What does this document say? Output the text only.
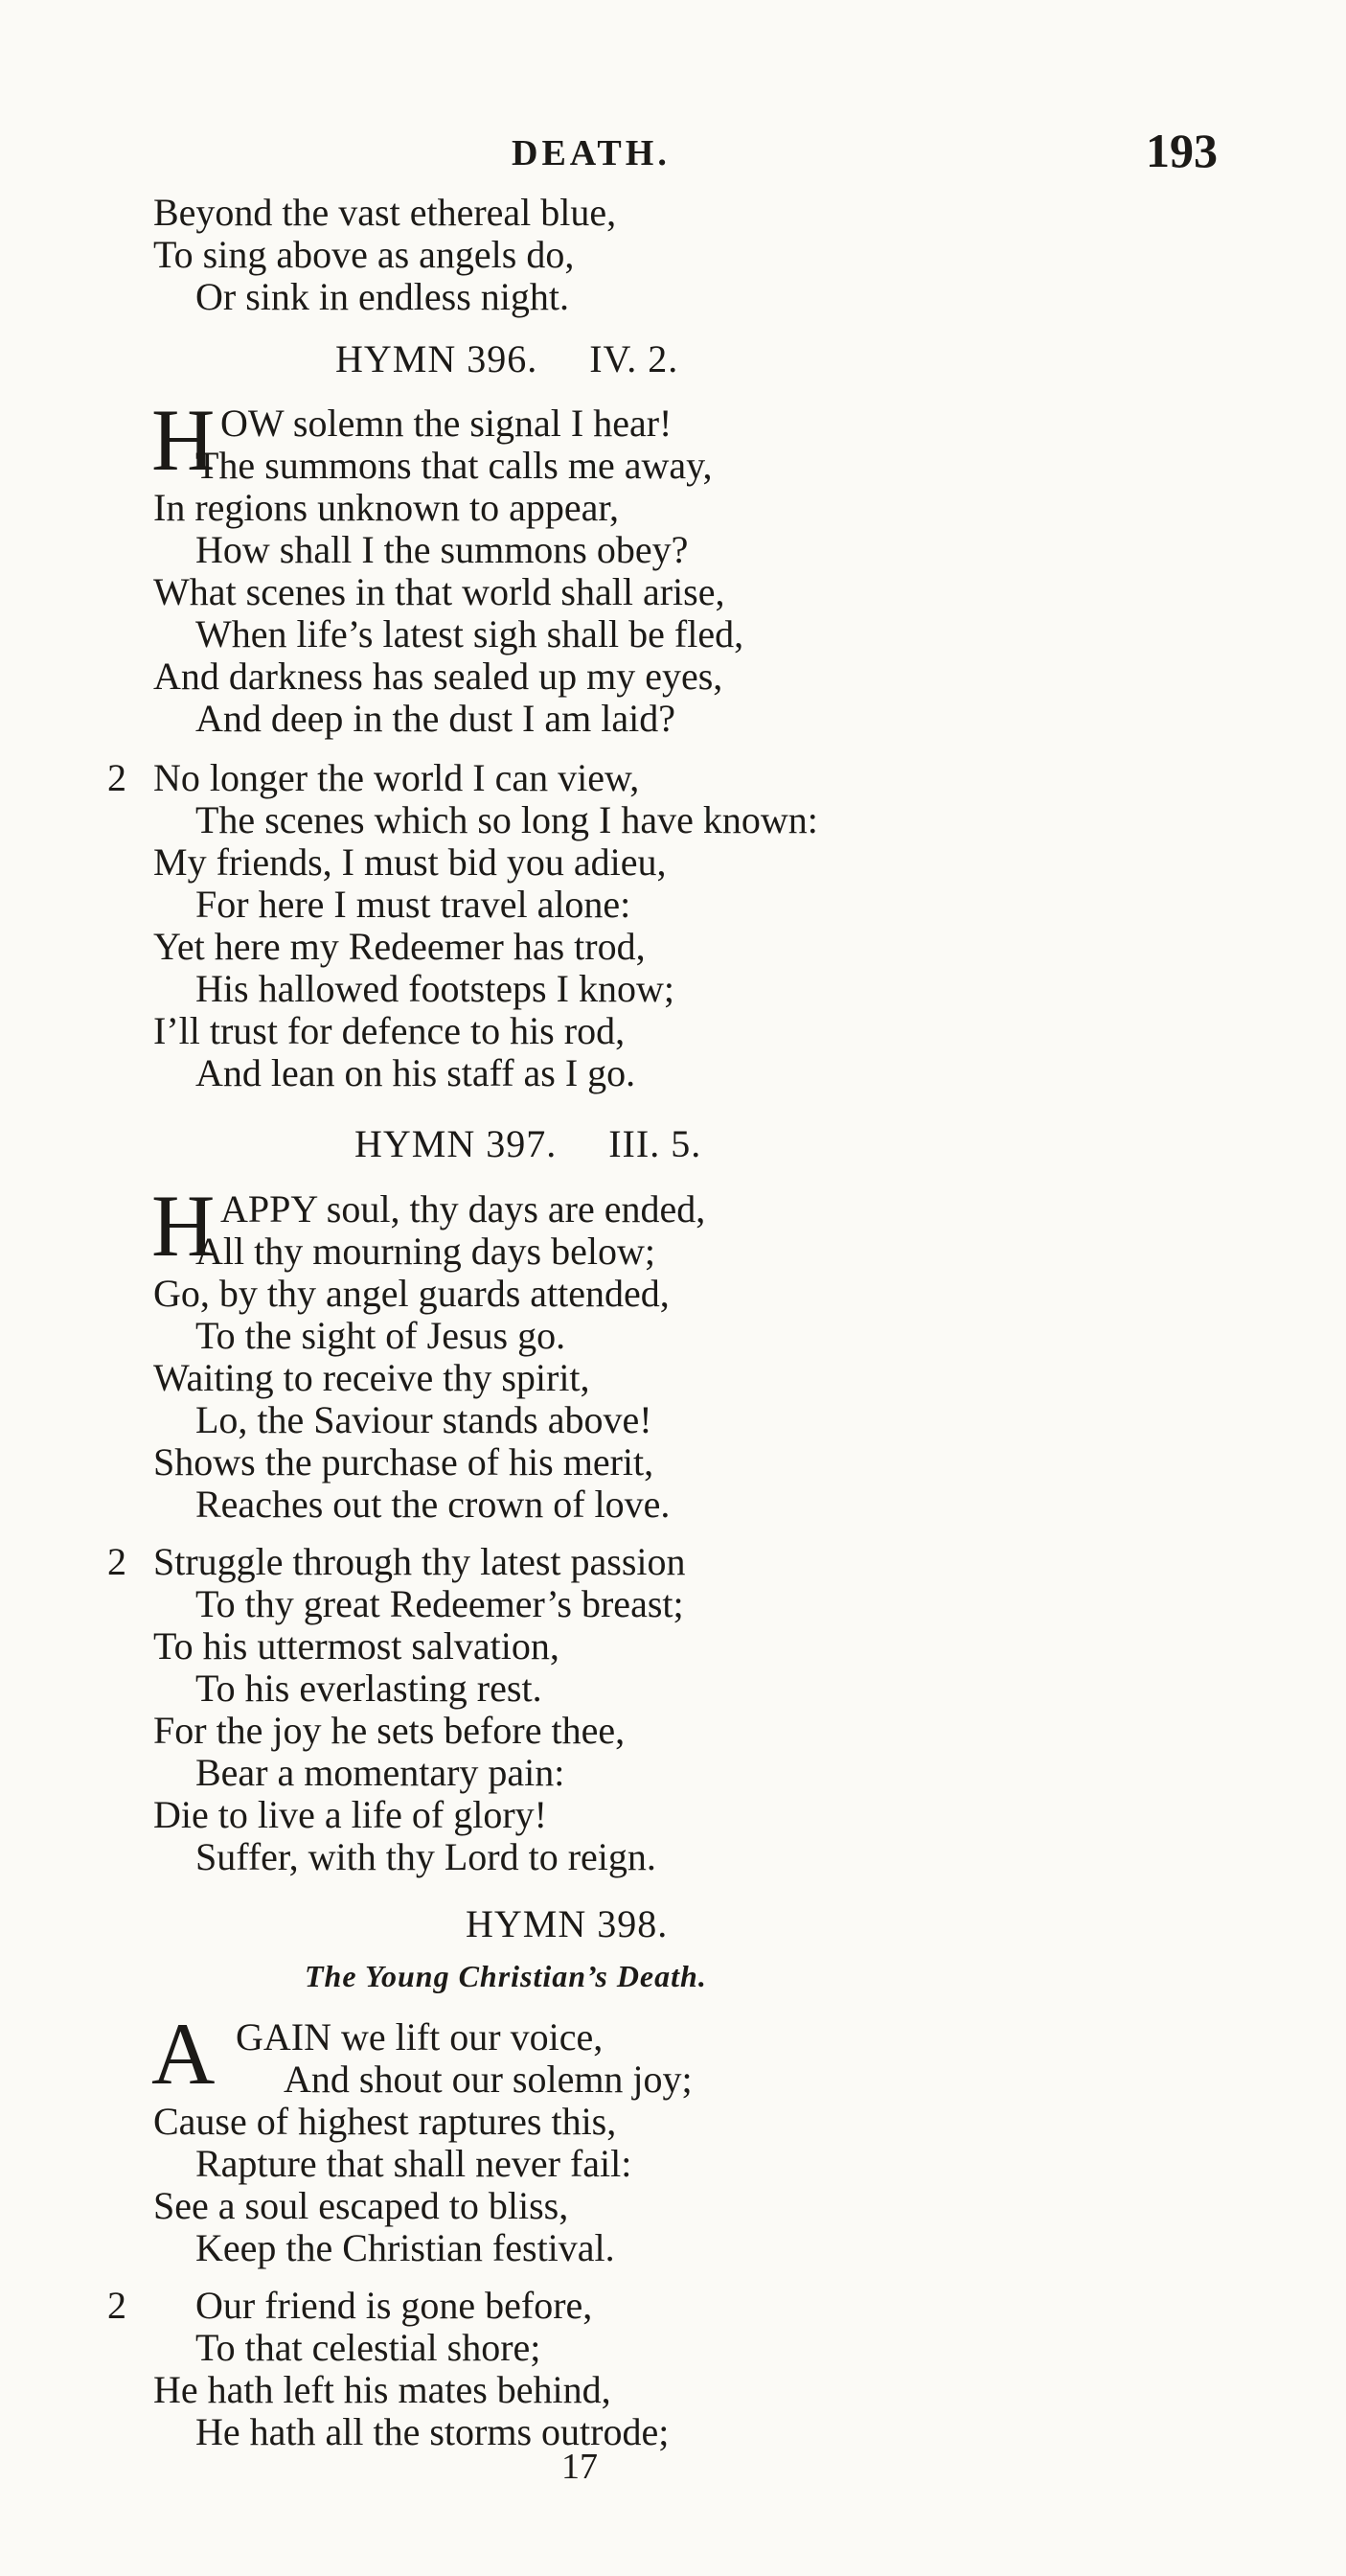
DEATH.	193
Beyond the vast ethereal blue,
To sing above as angels do,
Or sink in endless night.
HYMN 396. IV. 2.
H OW solemn the signal I hear!
The summons that calls me away,
In regions unknown to appear,
How shall I the summons obey?
What scenes in that world shall arise,
When life’s latest sigh shall be fled,
And darkness has sealed up my eyes,
And deep in the dust I am laid?
2 No longer the world I can view,
The scenes which so long I have known:
My friends, I must bid you adieu,
For here I must travel alone:
Yet here my Redeemer has trod,
His hallowed footsteps I know;
I’ll trust for defence to his rod,
And lean on his staff as I go.
HYMN 397. III. 5.
H APPY soul, thy days are ended,
All thy mourning days below;
Go, by thy angel guards attended,
To the sight of Jesus go.
Waiting to receive thy spirit,
Lo, the Saviour stands above!
Shows the purchase of his merit,
Reaches out the crown of love.
2 Struggle through thy latest passion
To thy great Redeemer’s breast;
To his uttermost salvation,
To his everlasting rest.
For the joy he sets before thee,
Bear a momentary pain:
Die to live a life of glory!
Suffer, with thy Lord to reign.
HYMN 398.
The Young Christian’s Death.
A GAIN we lift our voice,
And shout our solemn joy;
Cause of highest raptures this,
Rapture that shall never fail:
See a soul escaped to bliss,
Keep the Christian festival.
2 Our friend is gone before,
To that celestial shore;
He hath left his mates behind,
He hath all the storms outrode;
17
